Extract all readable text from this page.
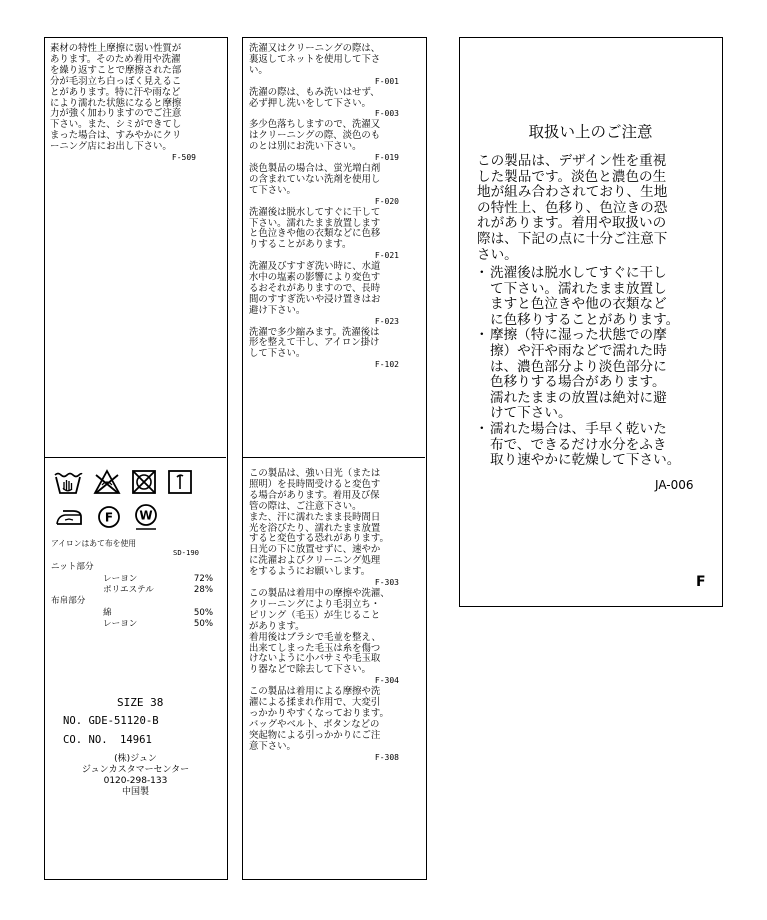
素材の特性上摩擦に弱い性質が
あります。そのため着用や洗濯
を繰り返すことで摩擦された部
分が毛羽立ち白っぽく見えるこ
とがあります。特に汗や雨など
により濡れた状態になると摩擦
力が強く加わりますのでご注意
下さい。また、シミができてし
まった場合は、すみやかにクリ
ーニング店にお出し下さい。

F-509
F W
アイロンはあて布を使用
SD-190
ニット部分
レーヨン	72%
ポリエステル	28%
布帛部分
綿	50%
レーヨン	50%
SIZE 38
NO. GDE-51120-B
CO. NO. 14961
(株)ジュン
ジュンカスタマーセンター
0120-298-133
中国製

洗濯又はクリーニングの際は、
裏返してネットを使用して下さ
い。

F-001

洗濯の際は、もみ洗いはせず、
必ず押し洗いをして下さい。

F-003

多少色落ちしますので、洗濯又
はクリーニングの際、淡色のも
のとは別にお洗い下さい。

F-019

淡色製品の場合は、蛍光増白剤
の含まれていない洗剤を使用し
て下さい。

F-020

洗濯後は脱水してすぐに干して
下さい。濡れたまま放置します
と色泣きや他の衣類などに色移
りすることがあります。

F-021

洗濯及びすすぎ洗い時に、水道
水中の塩素の影響により変色す
るおそれがありますので、長時
間のすすぎ洗いや浸け置きはお
避け下さい。

F-023

洗濯で多少縮みます。洗濯後は
形を整えて干し、アイロン掛け
して下さい。

F-102

この製品は、強い日光（または
照明）を長時間受けると変色す
る場合があります。着用及び保
管の際は、ご注意下さい。
また、汗に濡れたまま長時間日
光を浴びたり、濡れたまま放置
すると変色する恐れがあります。
日光の下に放置せずに、速やか
に洗濯およびクリーニング処理
をするようにお願いします。

F-303

この製品は着用中の摩擦や洗濯、
クリーニングにより毛羽立ち・
ピリング（毛玉）が生じること
があります。
着用後はブラシで毛並を整え、
出来てしまった毛玉は糸を傷つ
けないように小バサミや毛玉取
り器などで除去して下さい。

F-304

この製品は着用による摩擦や洗
濯による揉まれ作用で、大変引
っかかりやすくなっております。
バッグやベルト、ボタンなどの
突起物による引っかかりにご注
意下さい。

F-308
取扱い上のご注意

この製品は、デザイン性を重視
した製品です。淡色と濃色の生
地が組み合わされており、生地
の特性上、色移り、色泣きの恐
れがあります。着用や取扱いの
際は、下記の点に十分ご注意下
さい。

・ 洗濯後は脱水してすぐに干し
て下さい。濡れたまま放置し
ますと色泣きや他の衣類など
に色移りすることがあります。
・ 摩擦（特に湿った状態での摩
擦）や汗や雨などで濡れた時
は、濃色部分より淡色部分に
色移りする場合があります。
濡れたままの放置は絶対に避
けて下さい。
・ 濡れた場合は、手早く乾いた
布で、できるだけ水分をふき
取り速やかに乾燥して下さい。
JA-006
F
